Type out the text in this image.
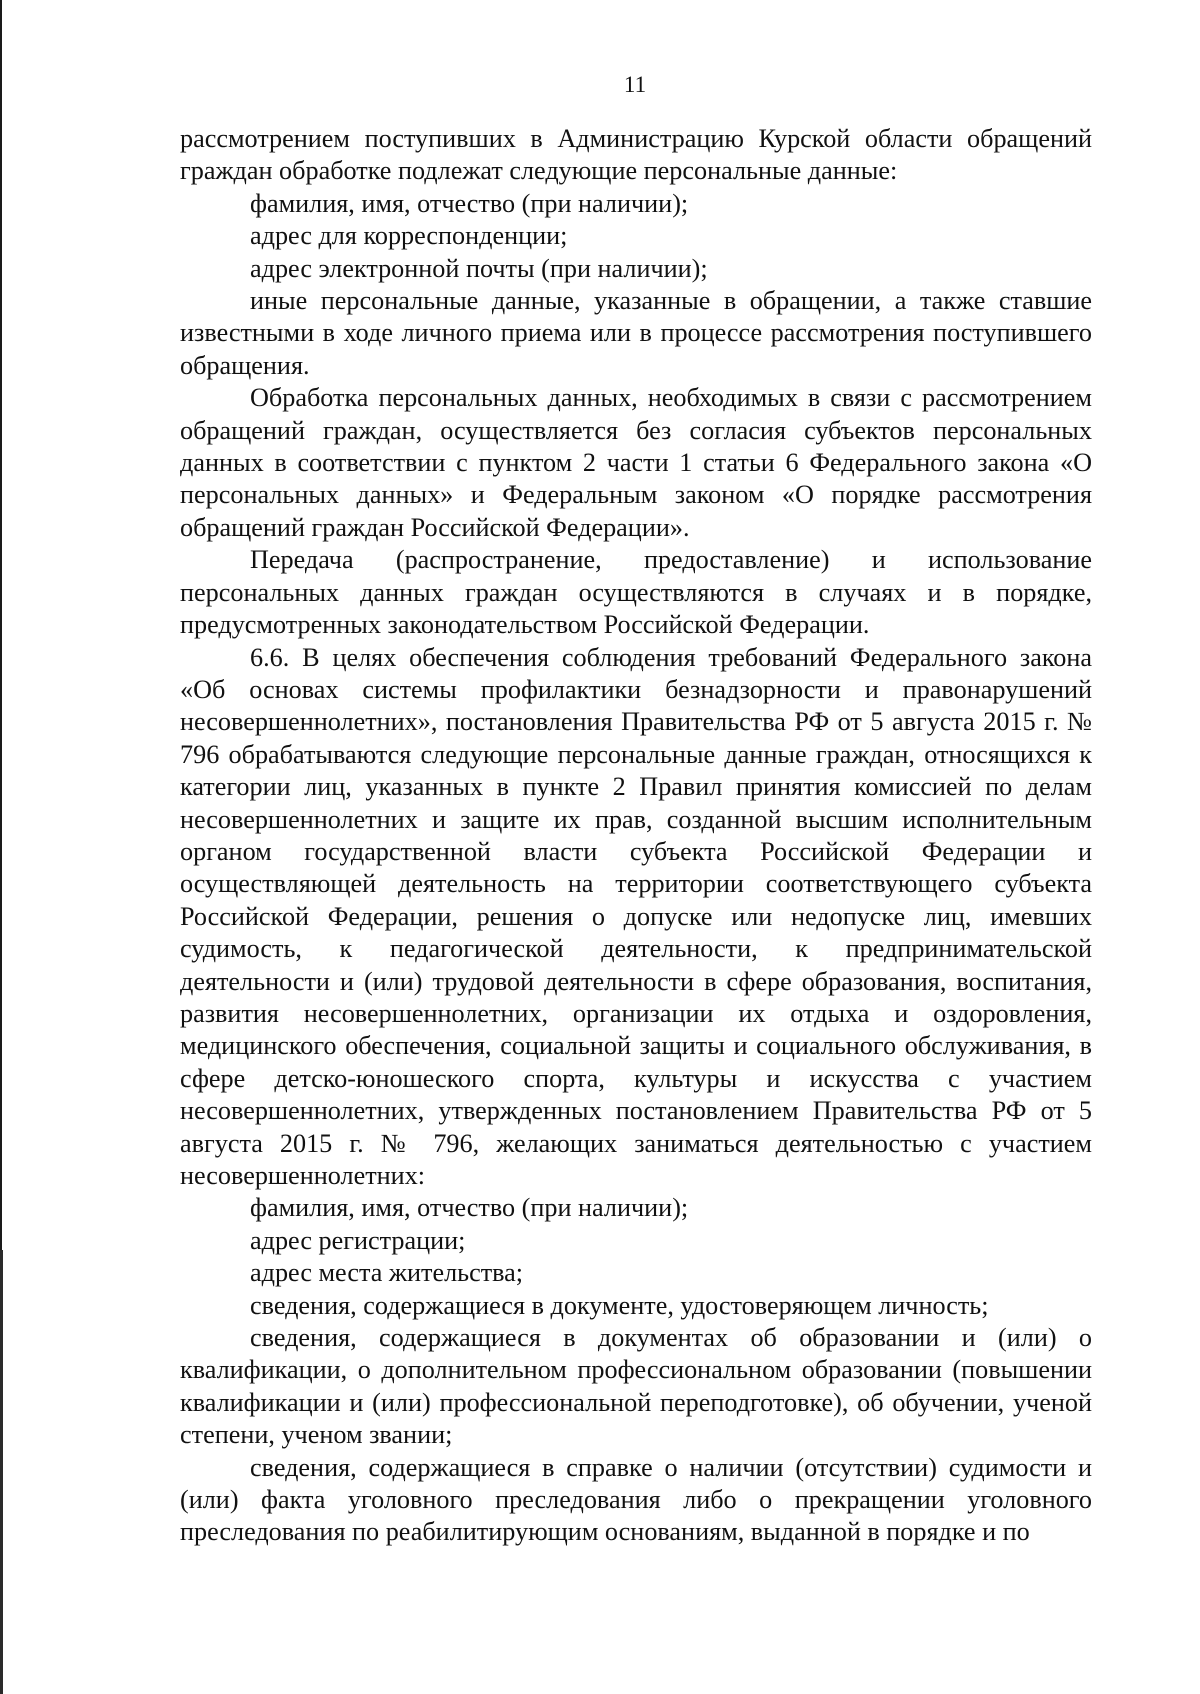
11

рассмотрением поступивших в Администрацию Курской области обращений граждан обработке подлежат следующие персональные данные:

фамилия, имя, отчество (при наличии);

адрес для корреспонденции;

адрес электронной почты (при наличии);

иные персональные данные, указанные в обращении, а также ставшие известными в ходе личного приема или в процессе рассмотрения поступившего обращения.

Обработка персональных данных, необходимых в связи с рассмотрением обращений граждан, осуществляется без согласия субъектов персональных данных в соответствии с пунктом 2 части 1 статьи 6 Федерального закона «О персональных данных» и Федеральным законом «О порядке рассмотрения обращений граждан Российской Федерации».

Передача (распространение, предоставление) и использование персональных данных граждан осуществляются в случаях и в порядке, предусмотренных законодательством Российской Федерации.

6.6. В целях обеспечения соблюдения требований Федерального закона «Об основах системы профилактики безнадзорности и правонарушений несовершеннолетних», постановления Правительства РФ от 5 августа 2015 г. № 796 обрабатываются следующие персональные данные граждан, относящихся к категории лиц, указанных в пункте 2 Правил принятия комиссией по делам несовершеннолетних и защите их прав, созданной высшим исполнительным органом государственной власти субъекта Российской Федерации и осуществляющей деятельность на территории соответствующего субъекта Российской Федерации, решения о допуске или недопуске лиц, имевших судимость, к педагогической деятельности, к предпринимательской деятельности и (или) трудовой деятельности в сфере образования, воспитания, развития несовершеннолетних, организации их отдыха и оздоровления, медицинского обеспечения, социальной защиты и социального обслуживания, в сфере детско-юношеского спорта, культуры и искусства с участием несовершеннолетних, утвержденных постановлением Правительства РФ от 5 августа 2015 г. № 796, желающих заниматься деятельностью с участием несовершеннолетних:

фамилия, имя, отчество (при наличии);

адрес регистрации;

адрес места жительства;

сведения, содержащиеся в документе, удостоверяющем личность;

сведения, содержащиеся в документах об образовании и (или) о квалификации, о дополнительном профессиональном образовании (повышении квалификации и (или) профессиональной переподготовке), об обучении, ученой степени, ученом звании;

сведения, содержащиеся в справке о наличии (отсутствии) судимости и (или) факта уголовного преследования либо о прекращении уголовного преследования по реабилитирующим основаниям, выданной в порядке и по
